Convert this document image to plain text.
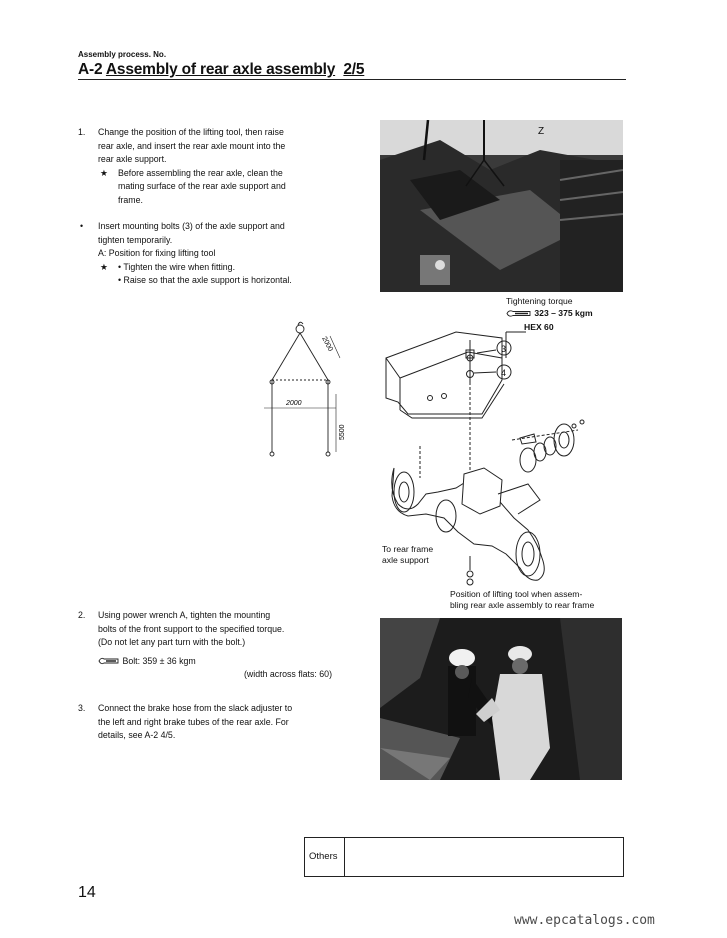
Assembly process. No.
A-2 Assembly of rear axle assembly 2/5
1. Change the position of the lifting tool, then raise
rear axle, and insert the rear axle mount into the
rear axle support.
★ Before assembling the rear axle, clean the
mating surface of the rear axle support and
frame.
• Insert mounting bolts (3) of the axle support and
tighten temporarily.
A: Position for fixing lifting tool
★ • Tighten the wire when fitting.
• Raise so that the axle support is horizontal.
2000
2000
5500
2. Using power wrench A, tighten the mounting
bolts of the front support to the specified torque.
(Do not let any part turn with the bolt.)
Bolt: 359 ± 36 kgm
(width across flats: 60)
3. Connect the brake hose from the slack adjuster to
the left and right brake tubes of the rear axle. For
details, see A-2 4/5.
Z
Tightening torque
323 – 375 kgm
HEX 60
3
4
To rear frame
axle support
Position of lifting tool when assem-
bling rear axle assembly to rear frame
Others
14
www.epcatalogs.com
